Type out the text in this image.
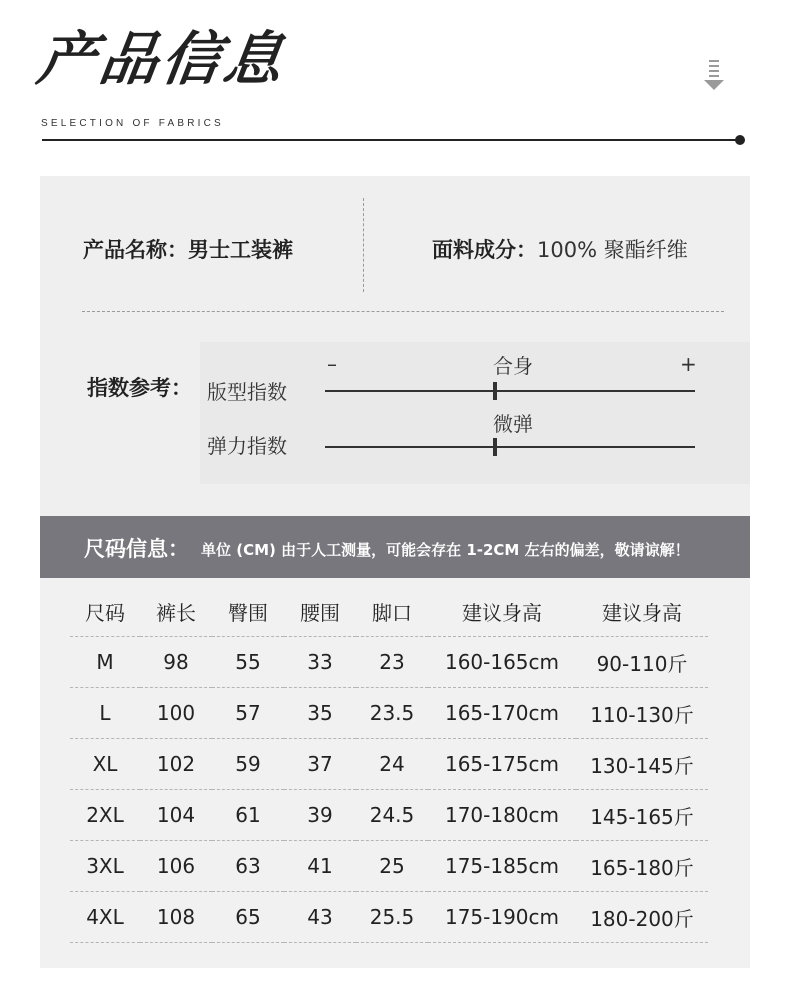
产品信息
SELECTION OF FABRICS
产品名称：男士工装裤	面料成分：100% 聚酯纤维
指数参考： 版型指数
–	+
合身
弹力指数
微弹
尺码信息： 单位 (CM) 由于人工测量，可能会存在 1-2CM 左右的偏差，敬请谅解！
尺码	裤长	臀围	腰围	脚口	建议身高	建议身高
M	98	55	33	23	160-165cm	90-110斤
L	100	57	35	23.5	165-170cm	110-130斤
XL	102	59	37	24	165-175cm	130-145斤
2XL	104	61	39	24.5	170-180cm	145-165斤
3XL	106	63	41	25	175-185cm	165-180斤
4XL	108	65	43	25.5	175-190cm	180-200斤
